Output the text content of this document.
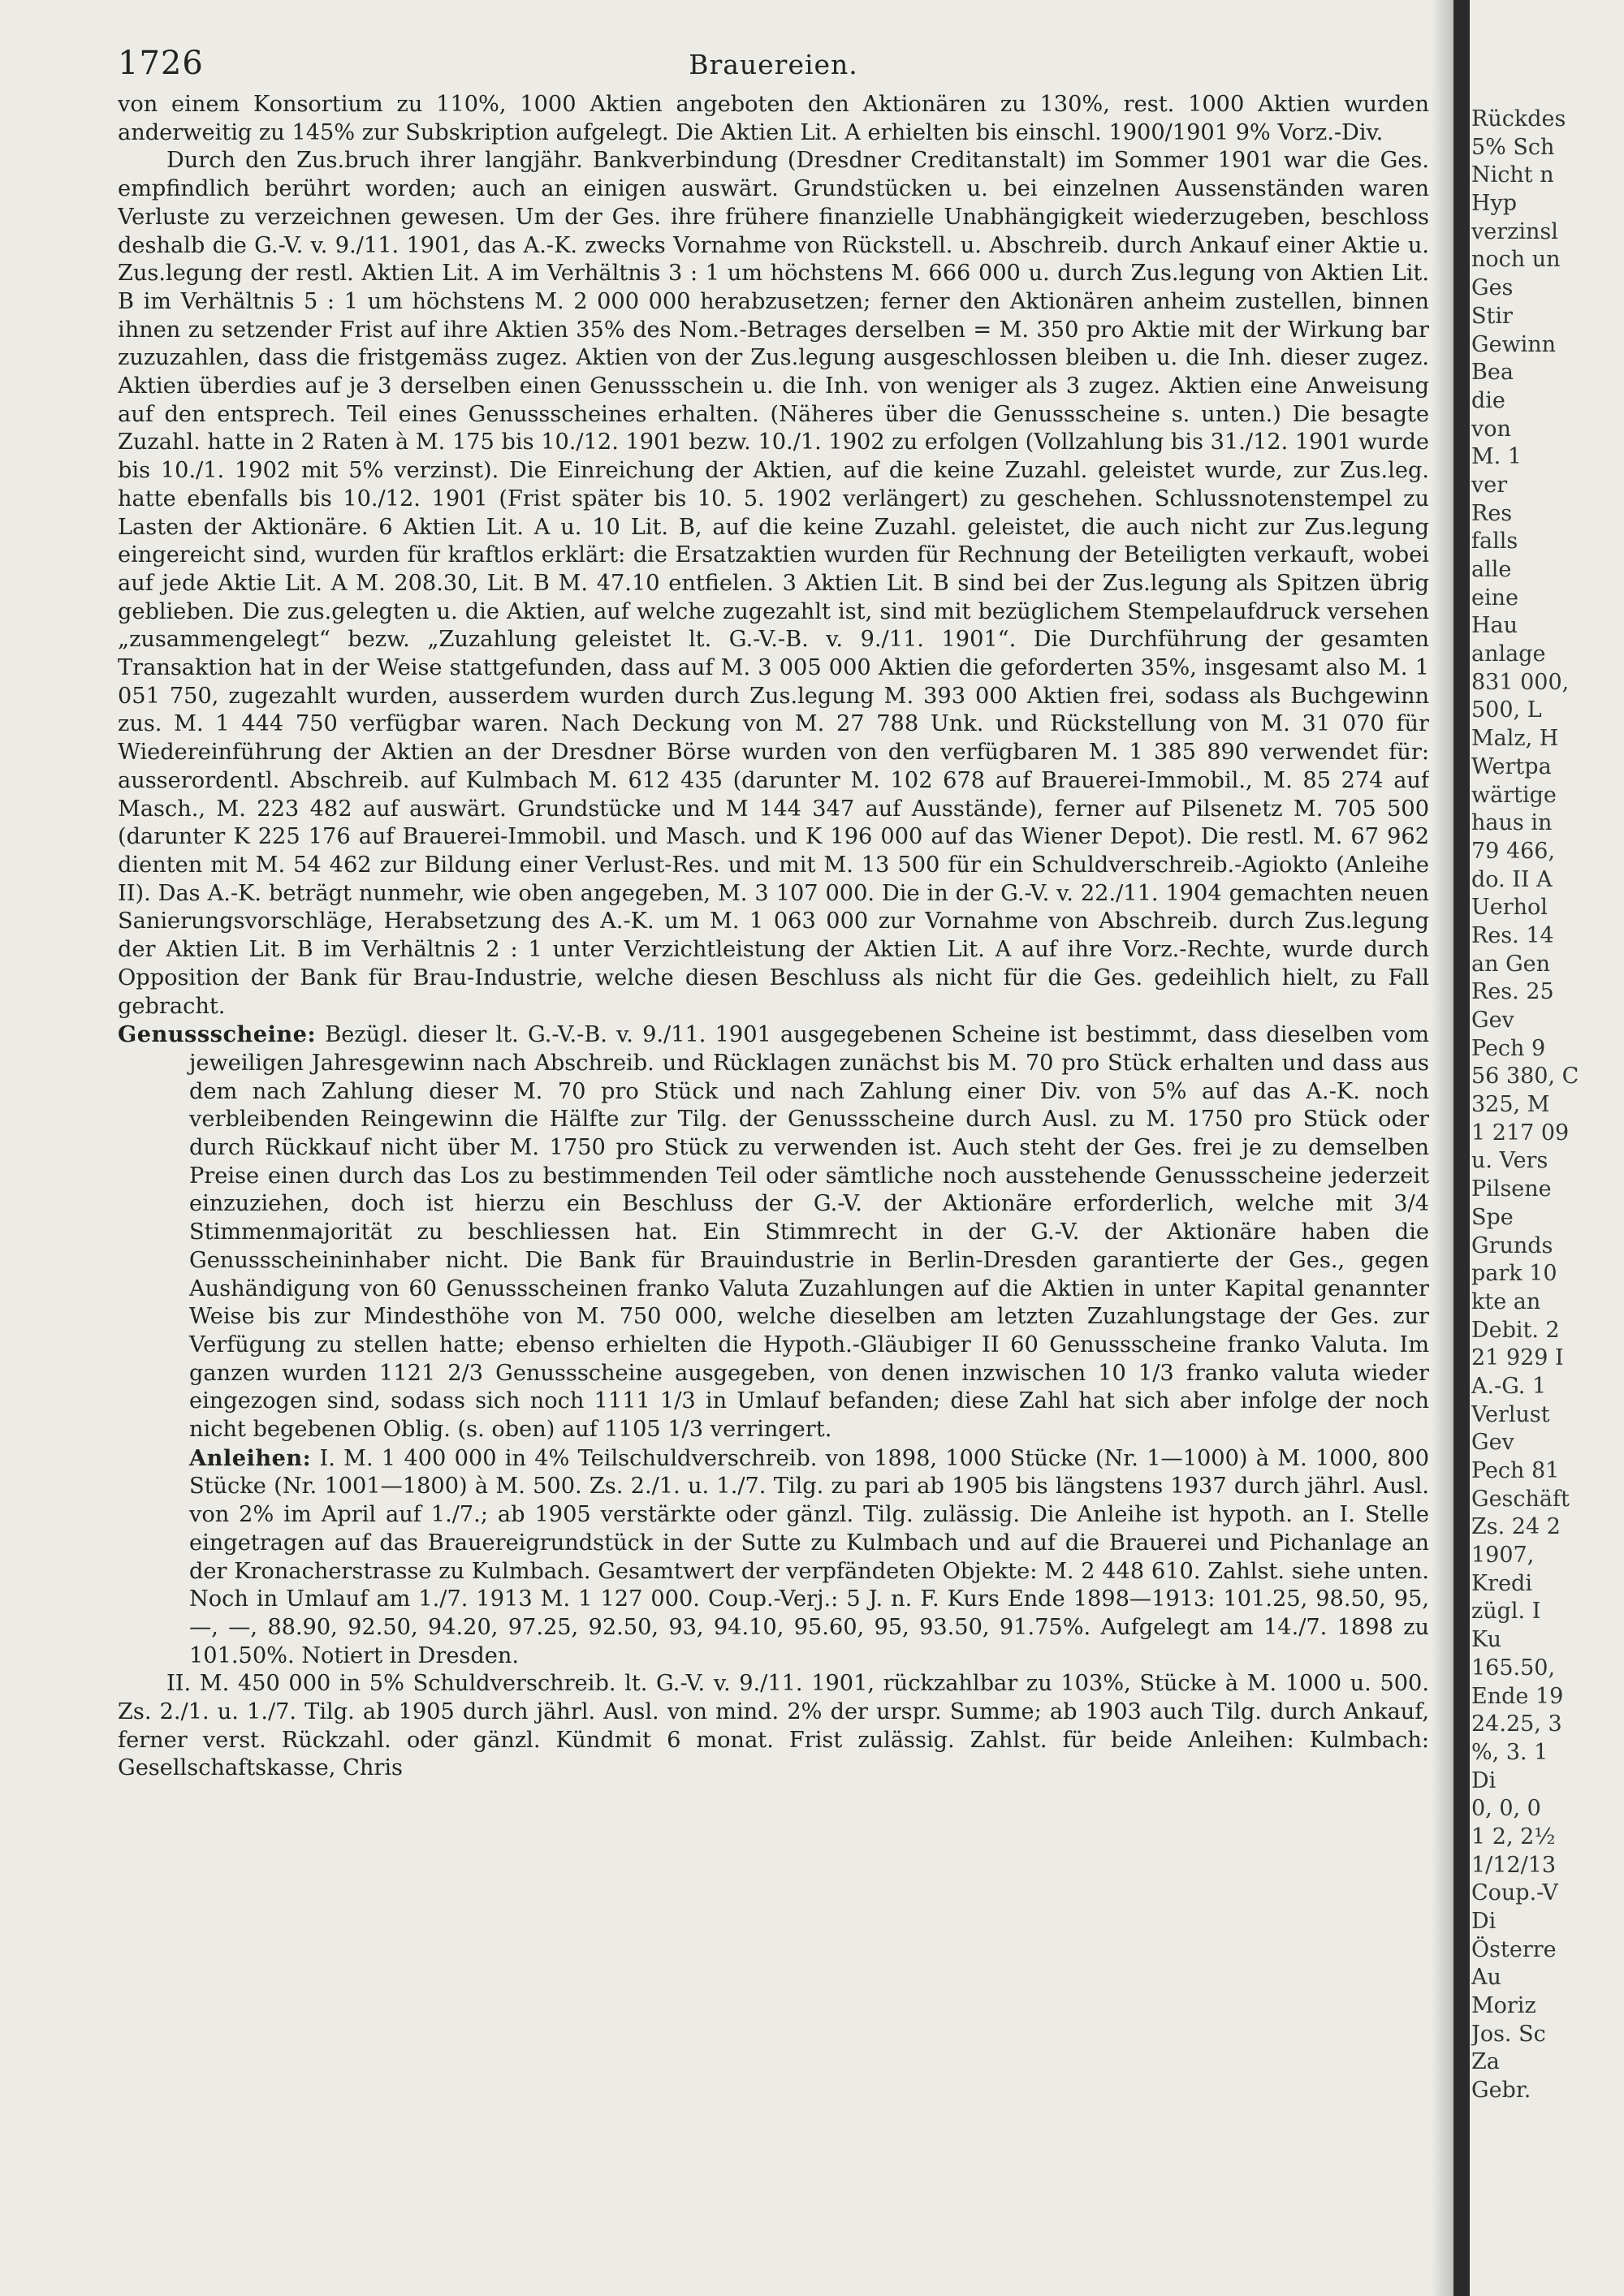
1726	Brauereien.

von einem Konsortium zu 110%, 1000 Aktien angeboten den Aktionären zu 130%, rest. 1000 Aktien wurden anderweitig zu 145% zur Subskription aufgelegt. Die Aktien Lit. A erhielten bis einschl. 1900/1901 9% Vorz.-Div.

Durch den Zus.bruch ihrer langjähr. Bankverbindung (Dresdner Creditanstalt) im Sommer 1901 war die Ges. empfindlich berührt worden; auch an einigen auswärt. Grundstücken u. bei einzelnen Aussenständen waren Verluste zu verzeichnen gewesen. Um der Ges. ihre frühere finanzielle Unabhängigkeit wiederzugeben, beschloss deshalb die G.-V. v. 9./11. 1901, das A.-K. zwecks Vornahme von Rückstell. u. Abschreib. durch Ankauf einer Aktie u. Zus.legung der restl. Aktien Lit. A im Verhältnis 3 : 1 um höchstens M. 666 000 u. durch Zus.legung von Aktien Lit. B im Verhältnis 5 : 1 um höchstens M. 2 000 000 herabzusetzen; ferner den Aktionären anheim zustellen, binnen ihnen zu setzender Frist auf ihre Aktien 35% des Nom.-Betrages derselben = M. 350 pro Aktie mit der Wirkung bar zuzuzahlen, dass die fristgemäss zugez. Aktien von der Zus.legung ausgeschlossen bleiben u. die Inh. dieser zugez. Aktien überdies auf je 3 derselben einen Genussschein u. die Inh. von weniger als 3 zugez. Aktien eine Anweisung auf den entsprech. Teil eines Genussscheines erhalten. (Näheres über die Genussscheine s. unten.) Die besagte Zuzahl. hatte in 2 Raten à M. 175 bis 10./12. 1901 bezw. 10./1. 1902 zu erfolgen (Vollzahlung bis 31./12. 1901 wurde bis 10./1. 1902 mit 5% verzinst). Die Einreichung der Aktien, auf die keine Zuzahl. geleistet wurde, zur Zus.leg. hatte ebenfalls bis 10./12. 1901 (Frist später bis 10. 5. 1902 verlängert) zu geschehen. Schlussnotenstempel zu Lasten der Aktionäre. 6 Aktien Lit. A u. 10 Lit. B, auf die keine Zuzahl. geleistet, die auch nicht zur Zus.legung eingereicht sind, wurden für kraftlos erklärt: die Ersatzaktien wurden für Rechnung der Beteiligten verkauft, wobei auf jede Aktie Lit. A M. 208.30, Lit. B M. 47.10 entfielen. 3 Aktien Lit. B sind bei der Zus.legung als Spitzen übrig geblieben. Die zus.gelegten u. die Aktien, auf welche zugezahlt ist, sind mit bezüglichem Stempelaufdruck versehen „zusammengelegt“ bezw. „Zuzahlung geleistet lt. G.-V.-B. v. 9./11. 1901“. Die Durchführung der gesamten Transaktion hat in der Weise stattgefunden, dass auf M. 3 005 000 Aktien die geforderten 35%, insgesamt also M. 1 051 750, zugezahlt wurden, ausserdem wurden durch Zus.legung M. 393 000 Aktien frei, sodass als Buchgewinn zus. M. 1 444 750 verfügbar waren. Nach Deckung von M. 27 788 Unk. und Rückstellung von M. 31 070 für Wiedereinführung der Aktien an der Dresdner Börse wurden von den verfügbaren M. 1 385 890 verwendet für: ausserordentl. Abschreib. auf Kulmbach M. 612 435 (darunter M. 102 678 auf Brauerei-Immobil., M. 85 274 auf Masch., M. 223 482 auf auswärt. Grundstücke und M 144 347 auf Ausstände), ferner auf Pilsenetz M. 705 500 (darunter K 225 176 auf Brauerei-Immobil. und Masch. und K 196 000 auf das Wiener Depot). Die restl. M. 67 962 dienten mit M. 54 462 zur Bildung einer Verlust-Res. und mit M. 13 500 für ein Schuldverschreib.-Agiokto (Anleihe II). Das A.-K. beträgt nunmehr, wie oben angegeben, M. 3 107 000. Die in der G.-V. v. 22./11. 1904 gemachten neuen Sanierungsvorschläge, Herabsetzung des A.-K. um M. 1 063 000 zur Vornahme von Abschreib. durch Zus.legung der Aktien Lit. B im Verhältnis 2 : 1 unter Verzichtleistung der Aktien Lit. A auf ihre Vorz.-Rechte, wurde durch Opposition der Bank für Brau-Industrie, welche diesen Beschluss als nicht für die Ges. gedeihlich hielt, zu Fall gebracht.

Genussscheine: Bezügl. dieser lt. G.-V.-B. v. 9./11. 1901 ausgegebenen Scheine ist bestimmt, dass dieselben vom jeweiligen Jahresgewinn nach Abschreib. und Rücklagen zunächst bis M. 70 pro Stück erhalten und dass aus dem nach Zahlung dieser M. 70 pro Stück und nach Zahlung einer Div. von 5% auf das A.-K. noch verbleibenden Reingewinn die Hälfte zur Tilg. der Genussscheine durch Ausl. zu M. 1750 pro Stück oder durch Rückkauf nicht über M. 1750 pro Stück zu verwenden ist. Auch steht der Ges. frei je zu demselben Preise einen durch das Los zu bestimmenden Teil oder sämtliche noch ausstehende Genussscheine jederzeit einzuziehen, doch ist hierzu ein Beschluss der G.-V. der Aktionäre erforderlich, welche mit 3/4 Stimmenmajorität zu beschliessen hat. Ein Stimmrecht in der G.-V. der Aktionäre haben die Genussscheininhaber nicht. Die Bank für Brauindustrie in Berlin-Dresden garantierte der Ges., gegen Aushändigung von 60 Genussscheinen franko Valuta Zuzahlungen auf die Aktien in unter Kapital genannter Weise bis zur Mindesthöhe von M. 750 000, welche dieselben am letzten Zuzahlungstage der Ges. zur Verfügung zu stellen hatte; ebenso erhielten die Hypoth.-Gläubiger II 60 Genussscheine franko Valuta. Im ganzen wurden 1121 2/3 Genussscheine ausgegeben, von denen inzwischen 10 1/3 franko valuta wieder eingezogen sind, sodass sich noch 1111 1/3 in Umlauf befanden; diese Zahl hat sich aber infolge der noch nicht begebenen Oblig. (s. oben) auf 1105 1/3 verringert.

Anleihen: I. M. 1 400 000 in 4% Teilschuldverschreib. von 1898, 1000 Stücke (Nr. 1—1000) à M. 1000, 800 Stücke (Nr. 1001—1800) à M. 500. Zs. 2./1. u. 1./7. Tilg. zu pari ab 1905 bis längstens 1937 durch jährl. Ausl. von 2% im April auf 1./7.; ab 1905 verstärkte oder gänzl. Tilg. zulässig. Die Anleihe ist hypoth. an I. Stelle eingetragen auf das Brauereigrundstück in der Sutte zu Kulmbach und auf die Brauerei und Pichanlage an der Kronacherstrasse zu Kulmbach. Gesamtwert der verpfändeten Objekte: M. 2 448 610. Zahlst. siehe unten. Noch in Umlauf am 1./7. 1913 M. 1 127 000. Coup.-Verj.: 5 J. n. F. Kurs Ende 1898—1913: 101.25, 98.50, 95, —, —, 88.90, 92.50, 94.20, 97.25, 92.50, 93, 94.10, 95.60, 95, 93.50, 91.75%. Aufgelegt am 14./7. 1898 zu 101.50%. Notiert in Dresden.

II. M. 450 000 in 5% Schuldverschreib. lt. G.-V. v. 9./11. 1901, rückzahlbar zu 103%, Stücke à M. 1000 u. 500. Zs. 2./1. u. 1./7. Tilg. ab 1905 durch jährl. Ausl. von mind. 2% der urspr. Summe; ab 1903 auch Tilg. durch Ankauf, ferner verst. Rückzahl. oder gänzl. Kündmit 6 monat. Frist zulässig. Zahlst. für beide Anleihen: Kulmbach: Gesellschaftskasse, Chris

Rückdes
5% Sch
Nicht n
Hyp
verzinsl
noch un
Ges
Stir
Gewinn
Bea
die
von
M. 1
ver
Res
falls
alle
eine
Hau
anlage
831 000,
500, L
Malz, H
Wertpa
wärtige
haus in
79 466,
do. II A
Uerhol
Res. 14
an Gen
Res. 25
Gev
Pech 9
56 380, C
325, M
1 217 09
u. Vers
Pilsene
Spe
Grunds
park 10
kte an
Debit. 2
21 929 I
A.-G. 1
Verlust
Gev
Pech 81
Geschäft
Zs. 24 2
1907,
Kredi
zügl. I
Ku
165.50,
Ende 19
24.25, 3
%, 3. 1
Di
0, 0, 0
1 2, 2½
1/12/13
Coup.-V
Di
Österre
Au
Moriz
Jos. Sc
Za
Gebr.
